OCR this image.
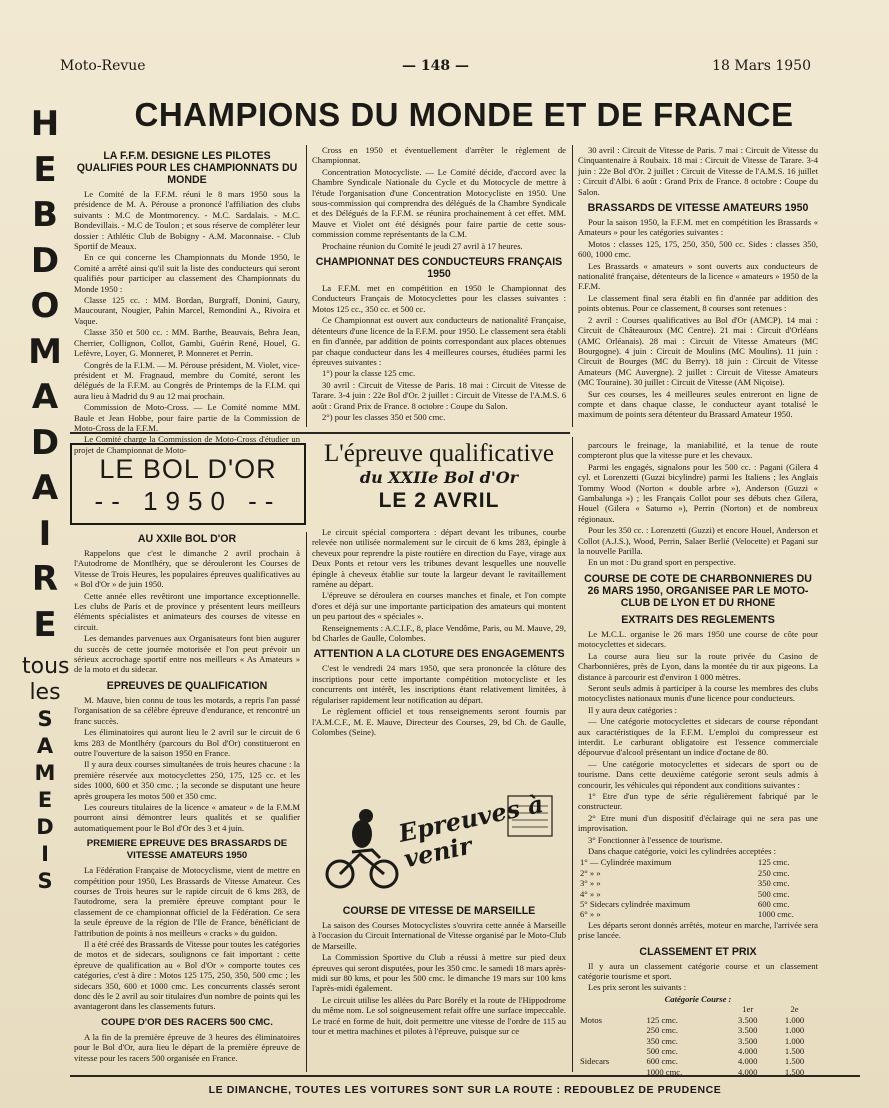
Moto-Revue	— 148 —	18 Mars 1950
H
E
B
D
O
M
A
D
A
I
R
E
tous
les
S
A
M
E
D
I
S
CHAMPIONS DU MONDE ET DE FRANCE
LA F.F.M. DESIGNE LES PILOTES QUALIFIES POUR LES CHAMPIONNATS DU MONDE

Le Comité de la F.F.M. réuni le 8 mars 1950 sous la présidence de M. A. Pérouse a prononcé l'affiliation des clubs suivants : M.C de Montmorency. - M.C. Sardalais. - M.C. Bondevillais. - M.C de Toulon ; et sous réserve de compléter leur dossier : Athlétic Club de Bobigny - A.M. Maconnaise. - Club Sportif de Meaux.

En ce qui concerne les Championnats du Monde 1950, le Comité a arrêté ainsi qu'il suit la liste des conducteurs qui seront qualifiés pour participer au classement des Championnats du Monde 1950 :

Classe 125 cc. : MM. Bordan, Burgraff, Donini, Gaury, Maucourant, Nougier, Pahin Marcel, Remondini A., Rivoira et Vaque.

Classe 350 et 500 cc. : MM. Barthe, Beauvais, Behra Jean, Cherrier, Collignon, Collot, Gambi, Guérin René, Houel, G. Lefèvre, Loyer, G. Monneret, P. Monneret et Perrin.

Congrès de la F.I.M. — M. Pérouse président, M. Violet, vice-président et M. Fragnaud, membre du Comité, seront les délégués de la F.F.M. au Congrès de Printemps de la F.I.M. qui aura lieu à Madrid du 9 au 12 mai prochain.

Commission de Moto-Cross. — Le Comité nomme MM. Baule et Jean Hobbe, pour faire partie de la Commission de Moto-Cross de la F.F.M.

Le Comité charge la Commission de Moto-Cross d'étudier un projet de Championnat de Moto-

LE BOL D'OR
-- 1950 --
AU XXIIe BOL D'OR

Rappelons que c'est le dimanche 2 avril prochain à l'Autodrome de Montlhéry, que se dérouleront les Courses de Vitesse de Trois Heures, les populaires épreuves qualificatives au « Bol d'Or » de juin 1950.

Cette année elles revêtiront une importance exceptionnelle. Les clubs de Paris et de province y présentent leurs meilleurs éléments spécialistes et animateurs des courses de vitesse en circuit.

Les demandes parvenues aux Organisateurs font bien augurer du succès de cette journée motorisée et l'on peut prévoir un sérieux accrochage sportif entre nos meilleurs « As Amateurs » de la moto et du sidecar.

EPREUVES DE QUALIFICATION

M. Mauve, bien connu de tous les motards, a repris l'an passé l'organisation de sa célèbre épreuve d'endurance, et rencontré un franc succès.

Les éliminatoires qui auront lieu le 2 avril sur le circuit de 6 kms 283 de Montlhéry (parcours du Bol d'Or) constitueront en outre l'ouverture de la saison 1950 en France.

Il y aura deux courses simultanées de trois heures chacune : la première réservée aux motocyclettes 250, 175, 125 cc. et les sides 1000, 600 et 350 cmc. ; la seconde se disputant une heure après groupera les motos 500 et 350 cmc.

Les coureurs titulaires de la licence « amateur » de la F.M.M pourront ainsi démontrer leurs qualités et se qualifier automatiquement pour le Bol d'Or des 3 et 4 juin.

PREMIERE EPREUVE DES BRASSARDS DE VITESSE AMATEURS 1950

La Fédération Française de Motocyclisme, vient de mettre en compétition pour 1950, Les Brassards de Vitesse Amateur. Ces courses de Trois heures sur le rapide circuit de 6 kms 283, de l'autodrome, sera la première épreuve comptant pour le classement de ce championnat officiel de la Fédération. Ce sera la seule épreuve de la région de l'Ile de France, bénéficiant de l'attribution de points à nos meilleurs « cracks » du guidon.

Il a été créé des Brassards de Vitesse pour toutes les catégories de motos et de sidecars, soulignons ce fait important : cette épreuve de qualification au « Bol d'Or » comporte toutes ces catégories, c'est à dire : Motos 125 175, 250, 350, 500 cmc ; les sidecars 350, 600 et 1000 cmc. Les concurrents classés seront donc dès le 2 avril au soir titulaires d'un nombre de points qui les avantageront dans les classements futurs.

COUPE D'OR DES RACERS 500 CMC.

A la fin de la première épreuve de 3 heures des éliminatoires pour le Bol d'Or, aura lieu le départ de la première épreuve de vitesse pour les racers 500 organisée en France.

Cross en 1950 et éventuellement d'arrêter le règlement de Championnat.

Concentration Motocycliste. — Le Comité décide, d'accord avec la Chambre Syndicale Nationale du Cycle et du Motocycle de mettre à l'étude l'organisation d'une Concentration Motocycliste en 1950. Une sous-commission qui comprendra des délégués de la Chambre Syndicale et des Délégués de la F.F.M. se réunira prochainement à cet effet. MM. Mauve et Violet ont été désignés pour faire partie de cette sous-commission comme représentants de la C.M.

Prochaine réunion du Comité le jeudi 27 avril à 17 heures.

CHAMPIONNAT DES CONDUCTEURS FRANÇAIS 1950

La F.F.M. met en compétition en 1950 le Championnat des Conducteurs Français de Motocyclettes pour les classes suivantes : Motos 125 cc., 350 cc. et 500 cc.

Ce Championnat est ouvert aux conducteurs de nationalité Française, détenteurs d'une licence de la F.F.M. pour 1950. Le classement sera établi en fin d'année, par addition de points correspondant aux places obtenues par chaque conducteur dans les 4 meilleures courses, étudiées parmi les épreuves suivantes :

1°) pour la classe 125 cmc.

30 avril : Circuit de Vitesse de Paris. 18 mai : Circuit de Vitesse de Tarare. 3-4 juin : 22e Bol d'Or. 2 juillet : Circuit de Vitesse de l'A.M.S. 6 août : Grand Prix de France. 8 octobre : Coupe du Salon.

2°) pour les classes 350 et 500 cmc.

L'épreuve qualificative
du XXIIe Bol d'Or
LE 2 AVRIL

Le circuit spécial comportera : départ devant les tribunes, courbe relevée non utilisée normalement sur le circuit de 6 kms 283, épingle à cheveux pour reprendre la piste routière en direction du Faye, virage aux Deux Ponts et retour vers les tribunes devant lesquelles une nouvelle épingle à cheveux établie sur toute la largeur devant le ravitaillement ramène au départ.

L'épreuve se déroulera en courses manches et finale, et l'on compte d'ores et déjà sur une importante participation des amateurs qui montent un peu partout des « spéciales ».

Renseignements : A.C.I.F., 8, place Vendôme, Paris, ou M. Mauve, 29, bd Charles de Gaulle, Colombes.

ATTENTION A LA CLOTURE DES ENGAGEMENTS

C'est le vendredi 24 mars 1950, que sera prononcée la clôture des inscriptions pour cette importante compétition motocycliste et les concurrents ont intérêt, les inscriptions étant relativement limitées, à régulariser rapidement leur notification au départ.

Le règlement officiel et tous renseignements seront fournis par l'A.M.C.F., M. E. Mauve, Directeur des Courses, 29, bd Ch. de Gaulle, Colombes (Seine).

Epreuves à venir
COURSE DE VITESSE DE MARSEILLE

La saison des Courses Motocyclistes s'ouvrira cette année à Marseille à l'occasion du Circuit International de Vitesse organisé par le Moto-Club de Marseille.

La Commission Sportive du Club a réussi à mettre sur pied deux épreuves qui seront disputées, pour les 350 cmc. le samedi 18 mars après-midi sur 80 kms, et pour les 500 cmc. le dimanche 19 mars sur 100 kms l'après-midi également.

Le circuit utilise les allées du Parc Borély et la route de l'Hippodrome du même nom. Le sol soigneusement refait offre une surface impeccable. Le tracé en forme de huit, doit permettre une vitesse de l'ordre de 115 au tour et mettra machines et pilotes à l'épreuve, puisque sur ce

30 avril : Circuit de Vitesse de Paris. 7 mai : Circuit de Vitesse du Cinquantenaire à Roubaix. 18 mai : Circuit de Vitesse de Tarare. 3-4 juin : 22e Bol d'Or. 2 juillet : Circuit de Vitesse de l'A.M.S. 16 juillet : Circuit d'Albi. 6 août : Grand Prix de France. 8 octobre : Coupe du Salon.

BRASSARDS DE VITESSE AMATEURS 1950

Pour la saison 1950, la F.F.M. met en compétition les Brassards « Amateurs » pour les catégories suivantes :

Motos : classes 125, 175, 250, 350, 500 cc. Sides : classes 350, 600, 1000 cmc.

Les Brassards « amateurs » sont ouverts aux conducteurs de nationalité française, détenteurs de la licence « amateurs » 1950 de la F.F.M.

Le classement final sera établi en fin d'année par addition des points obtenus. Pour ce classement, 8 courses sont retenues :

2 avril : Courses qualificatives au Bol d'Or (AMCP). 14 mai : Circuit de Châteauroux (MC Centre). 21 mai : Circuit d'Orléans (AMC Orléanais). 28 mai : Circuit de Vitesse Amateurs (MC Bourgogne). 4 juin : Circuit de Moulins (MC Moulins). 11 juin : Circuit de Bourges (MC du Berry). 18 juin : Circuit de Vitesse Amateurs (MC Auvergne). 2 juillet : Circuit de Vitesse Amateurs (MC Touraine). 30 juillet : Circuit de Vitesse (AM Niçoise).

Sur ces courses, les 4 meilleures seules entreront en ligne de compte et dans chaque classe, le conducteur ayant totalisé le maximum de points sera détenteur du Brassard Amateur 1950.

parcours le freinage, la maniabilité, et la tenue de route compteront plus que la vitesse pure et les chevaux.

Parmi les engagés, signalons pour les 500 cc. : Pagani (Gilera 4 cyl. et Lorenzetti (Guzzi bicylindre) parmi les Italiens ; les Anglais Tommy Wood (Norton « double arbre »), Anderson (Guzzi « Gambalunga ») ; les Français Collot pour ses débuts chez Gilera, Houel (Gilera « Saturno »), Perrin (Norton) et de nombreux régionaux.

Pour les 350 cc. : Lorenzetti (Guzzi) et encore Houel, Anderson et Collot (A.J.S.), Wood, Perrin, Salaer Berlié (Velocette) et Pagani sur la nouvelle Parilla.

En un mot : Du grand sport en perspective.

COURSE DE COTE DE CHARBONNIERES DU 26 MARS 1950, ORGANISEE PAR LE MOTO-CLUB DE LYON ET DU RHONE
EXTRAITS DES REGLEMENTS

Le M.C.L. organise le 26 mars 1950 une course de côte pour motocyclettes et sidecars.

La course aura lieu sur la route privée du Casino de Charbonnières, près de Lyon, dans la montée du tir aux pigeons. La distance à parcourir est d'environ 1 000 mètres.

Seront seuls admis à participer à la course les membres des clubs motocyclistes nationaux munis d'une licence pour conducteurs.

Il y aura deux catégories :

— Une catégorie motocyclettes et sidecars de course répondant aux caractéristiques de la F.F.M. L'emploi du compresseur est interdit. Le carburant obligatoire est l'essence commerciale dépourvue d'alcool présentant un indice d'octane de 80.

— Une catégorie motocyclettes et sidecars de sport ou de tourisme. Dans cette deuxième catégorie seront seuls admis à concourir, les véhicules qui répondent aux conditions suivantes :

1° Etre d'un type de série régulièrement fabriqué par le constructeur.

2° Etre muni d'un dispositif d'éclairage qui ne sera pas une improvisation.

3° Fonctionner à l'essence de tourisme.

Dans chaque catégorie, voici les cylindrées acceptées :

1° — Cylindrée maximum	125 cmc.
2° » »	250 cmc.
3° » »	350 cmc.
4° » »	500 cmc.
5° Sidecars cylindrée maximum	600 cmc.
6° » »	1000 cmc.

Les départs seront donnés arrêtés, moteur en marche, l'arrivée sera prise lancée.

CLASSEMENT ET PRIX

Il y aura un classement catégorie course et un classement catégorie tourisme et sport.

Les prix seront les suivants :

Catégorie Course :
		1er	2e
Motos	125 cmc.	3.500	1.000
	250 cmc.	3.500	1.000
	350 cmc.	3.500	1.000
	500 cmc.	4.000	1.500
Sidecars	600 cmc.	4.000	1.500
	1000 cmc.	4.000	1.500
LE DIMANCHE, TOUTES LES VOITURES SONT SUR LA ROUTE : REDOUBLEZ DE PRUDENCE
